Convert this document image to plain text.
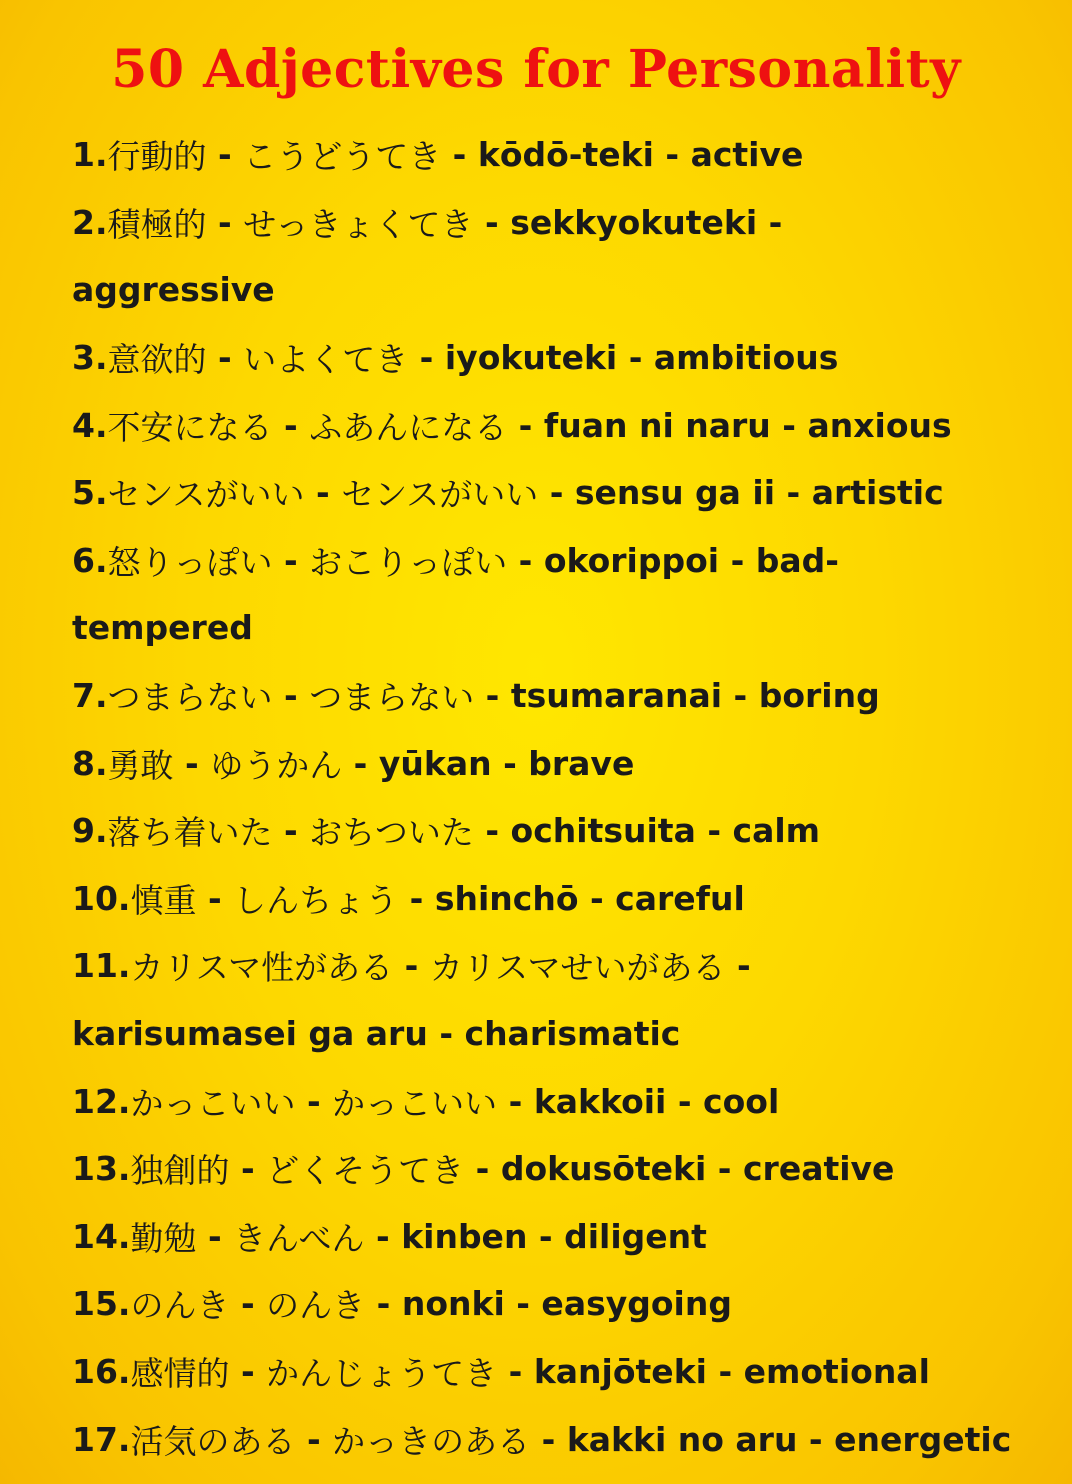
50 Adjectives for Personality
1. 行動的 - こうどうてき - kōdō-teki - active
2. 積極的 - せっきょくてき - sekkyokuteki -
aggressive
3. 意欲的 - いよくてき - iyokuteki - ambitious
4. 不安になる - ふあんになる - fuan ni naru - anxious
5. センスがいい - センスがいい - sensu ga ii - artistic
6. 怒りっぽい - おこりっぽい - okorippoi - bad-
tempered
7. つまらない - つまらない - tsumaranai - boring
8. 勇敢 - ゆうかん - yūkan - brave
9. 落ち着いた - おちついた - ochitsuita - calm
10. 慎重 - しんちょう - shinchō - careful
11. カリスマ性がある - カリスマせいがある
-
karisumasei ga aru - charismatic
12. かっこいい - かっこいい - kakkoii - cool
13. 独創的 - どくそうてき - dokusōteki - creative
14. 勤勉 - きんべん - kinben - diligent
15. のんき - のんき - nonki - easygoing
16. 感情的 - かんじょうてき - kanjōteki - emotional
17. 活気のある - かっきのある - kakki no aru - energetic
